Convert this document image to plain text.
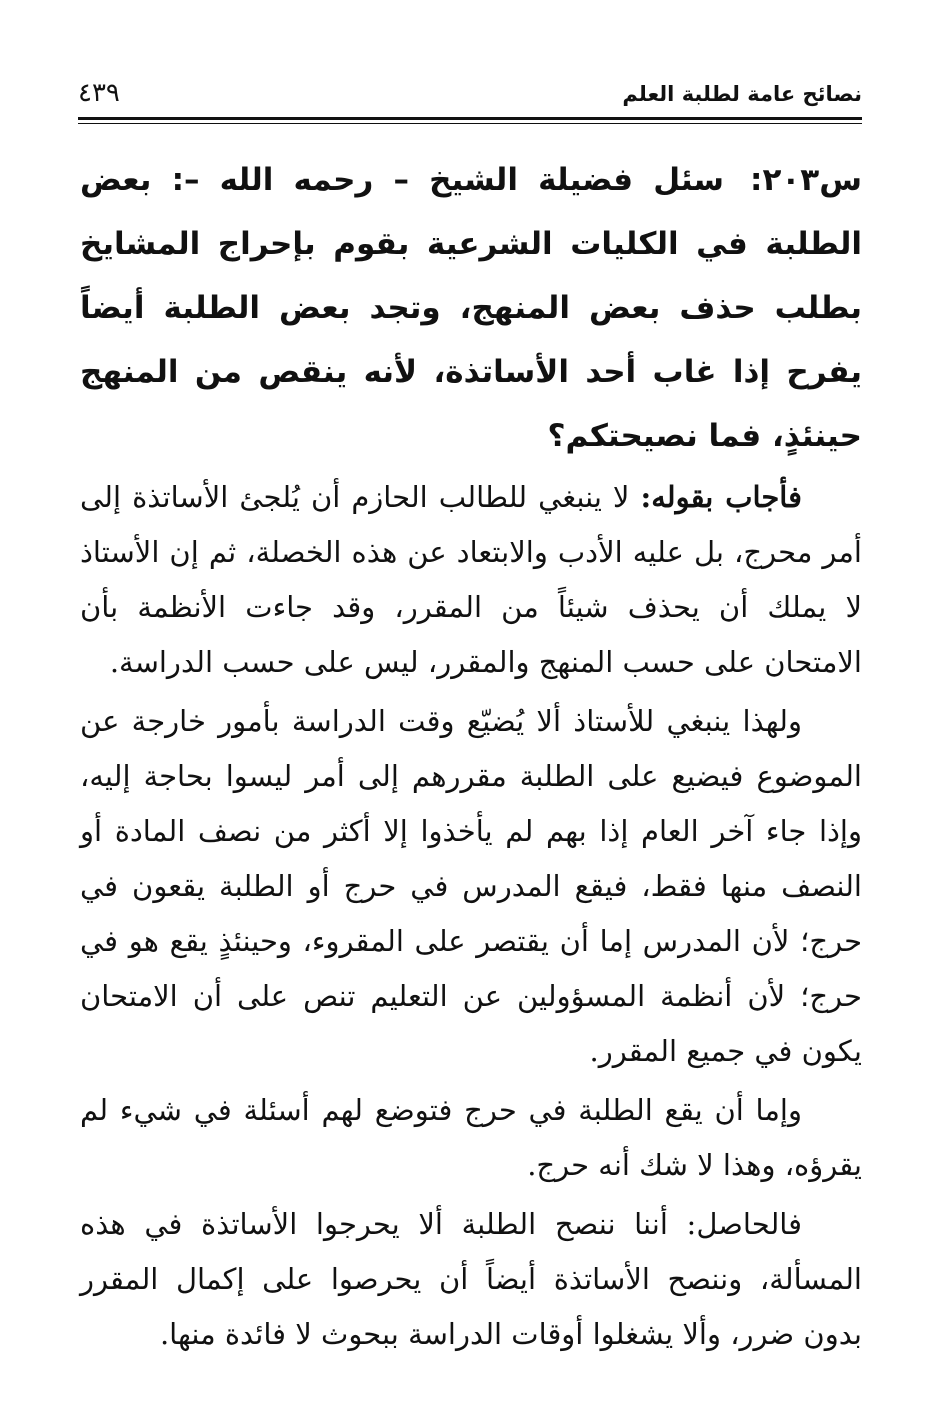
نصائح عامة لطلبة العلم
٤٣٩

س٢٠٣:سئل فضيلة الشيخ – رحمه الله –: بعض الطلبة في الكليات الشرعية بقوم بإحراج المشايخ بطلب حذف بعض المنهج، وتجد بعض الطلبة أيضاً يفرح إذا غاب أحد الأساتذة، لأنه ينقص من المنهج حينئذٍ، فما نصيحتكم؟

فأجاب بقوله: لا ينبغي للطالب الحازم أن يُلجئ الأساتذة إلى أمر محرج، بل عليه الأدب والابتعاد عن هذه الخصلة، ثم إن الأستاذ لا يملك أن يحذف شيئاً من المقرر، وقد جاءت الأنظمة بأن الامتحان على حسب المنهج والمقرر، ليس على حسب الدراسة.

ولهذا ينبغي للأستاذ ألا يُضيّع وقت الدراسة بأمور خارجة عن الموضوع فيضيع على الطلبة مقررهم إلى أمر ليسوا بحاجة إليه، وإذا جاء آخر العام إذا بهم لم يأخذوا إلا أكثر من نصف المادة أو النصف منها فقط، فيقع المدرس في حرج أو الطلبة يقعون في حرج؛ لأن المدرس إما أن يقتصر على المقروء، وحينئذٍ يقع هو في حرج؛ لأن أنظمة المسؤولين عن التعليم تنص على أن الامتحان يكون في جميع المقرر.

وإما أن يقع الطلبة في حرج فتوضع لهم أسئلة في شيء لم يقرؤه، وهذا لا شك أنه حرج.

فالحاصل: أننا ننصح الطلبة ألا يحرجوا الأساتذة في هذه المسألة، وننصح الأساتذة أيضاً أن يحرصوا على إكمال المقرر بدون ضرر، وألا يشغلوا أوقات الدراسة ببحوث لا فائدة منها.
